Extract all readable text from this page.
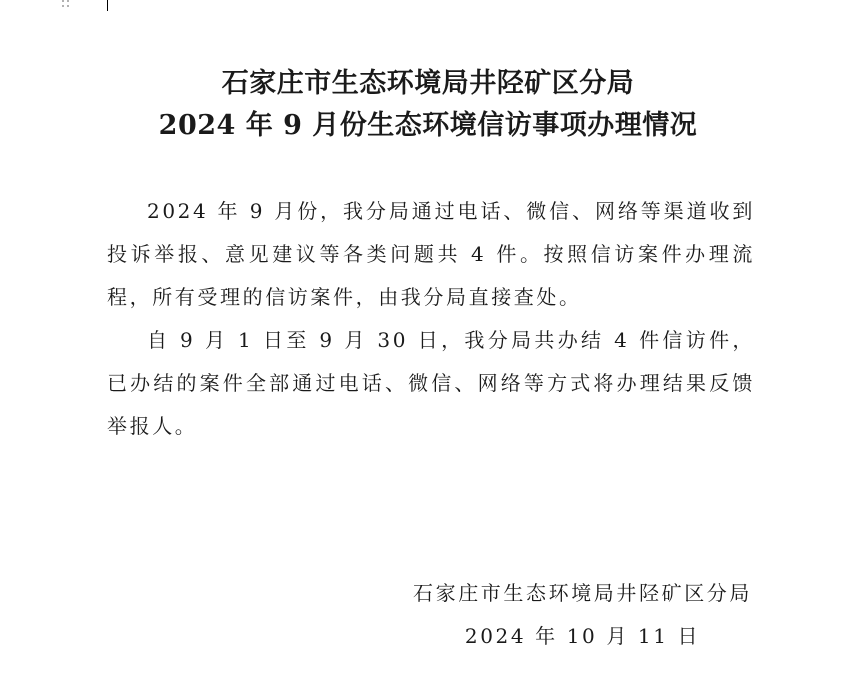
石家庄市生态环境局井陉矿区分局
2024 年 9 月份生态环境信访事项办理情况

2024 年 9 月份，我分局通过电话、微信、网络等渠道收到投诉举报、意见建议等各类问题共 4 件。按照信访案件办理流程，所有受理的信访案件，由我分局直接查处。

自 9 月 1 日至 9 月 30 日，我分局共办结 4 件信访件，已办结的案件全部通过电话、微信、网络等方式将办理结果反馈举报人。

石家庄市生态环境局井陉矿区分局
2024 年 10 月 11 日
